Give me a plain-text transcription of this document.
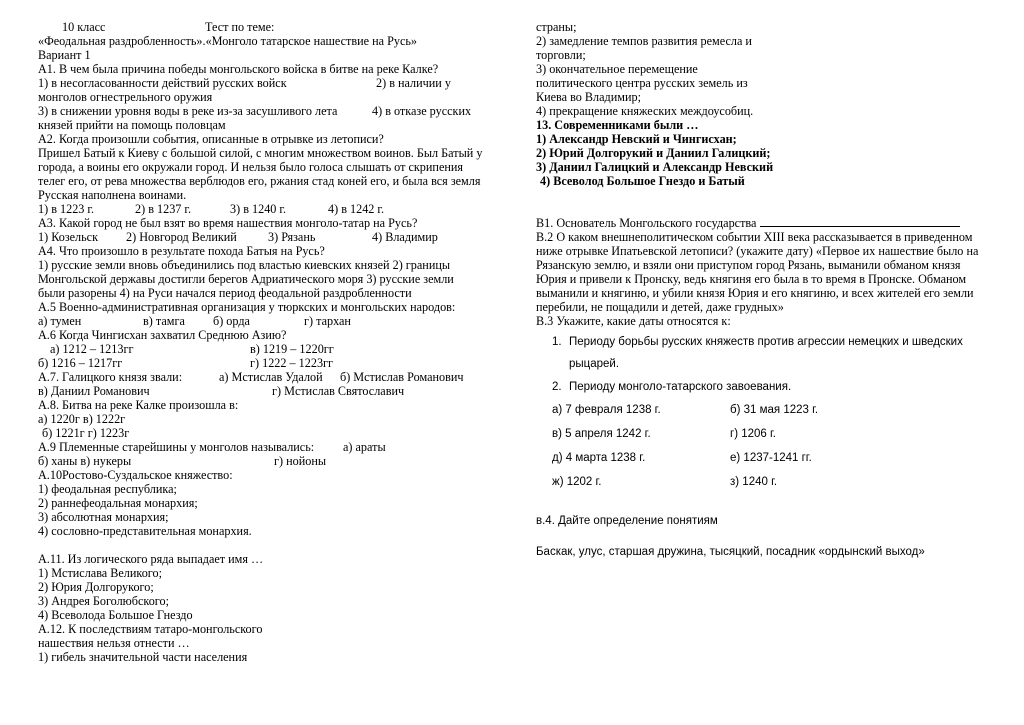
10 класс	Тест по теме:
«Феодальная раздробленность».«Монголо татарское нашествие на Русь»
Вариант 1
А1. В чем была причина победы монгольского войска в битве на реке Калке?
1) в несогласованности действий русских войск	2) в наличии у
монголов огнестрельного оружия
3) в снижении уровня воды в реке из-за засушливого лета	4) в отказе русских
князей прийти на помощь половцам
А2. Когда произошли события, описанные в отрывке из летописи?
Пришел Батый к Киеву с большой силой, с многим множеством воинов. Был Батый у
города, а воины его окружали город. И нельзя было голоса слышать от скрипения
телег его, от рева множества верблюдов его, ржания стад коней его, и была вся земля
Русская наполнена воинами.
1) в 1223 г.	2) в 1237 г.	3) в 1240 г.	4) в 1242 г.
А3. Какой город не был взят во время нашествия монголо-татар на Русь?
1) Козельск 2) Новгород Великий	3) Рязань	4) Владимир
А4. Что произошло в результате похода Батыя на Русь?
1) русские земли вновь объединились под властью киевских князей 2) границы
Монгольской державы достигли берегов Адриатического моря 3) русские земли
были разорены 4) на Руси начался период феодальной раздробленности
А.5 Военно-административная организация у тюркских и монгольских народов:
а) тумен	в) тамга б) орда	г) тархан
А.6 Когда Чингисхан захватил Среднюю Азию?
а) 1212 – 1213гг	в) 1219 – 1220гг
б) 1216 – 1217гг	г) 1222 – 1223гг
А.7. Галицкого князя звали:	а) Мстислав Удалой б) Мстислав Романович
в) Даниил Романович	г) Мстислав Святославич
А.8. Битва на реке Калке произошла в:
а) 1220г в) 1222г
б) 1221г г) 1223г
А.9 Племенные старейшины у монголов назывались: а) араты
б) ханы в) нукеры	г) нойоны
А.10Ростово-Суздальское княжество:
1) феодальная республика;
2) раннефеодальная монархия;
3) абсолютная монархия;
4) сословно-представительная монархия.
А.11. Из логического ряда выпадает имя …
1) Мстислава Великого;
2) Юрия Долгорукого;
3) Андрея Боголюбского;
4) Всеволода Большое Гнездо
А.12. К последствиям татаро-монгольского
нашествия нельзя отнести …
1) гибель значительной части населения
страны;
2) замедление темпов развития ремесла и
торговли;
3) окончательное перемещение
политического центра русских земель из
Киева во Владимир;
4) прекращение княжеских междоусобиц.
13. Современниками были …
1) Александр Невский и Чингисхан;
2) Юрий Долгорукий и Даниил Галицкий;
3) Даниил Галицкий и Александр Невский
4) Всеволод Большое Гнездо и Батый
В1. Основатель Монгольского государства
В.2 О каком внешнеполитическом событии XIII века рассказывается в приведенном
ниже отрывке Ипатьевской летописи? (укажите дату) «Первое их нашествие было на
Рязанскую землю, и взяли они приступом город Рязань, выманили обманом князя
Юрия и привели к Пронску, ведь княгиня его была в то время в Пронске. Обманом
выманили и княгиню, и убили князя Юрия и его княгиню, и всех жителей его земли
перебили, не пощадили и детей, даже грудных»
В.3 Укажите, какие даты относятся к:
1. Периоду борьбы русских княжеств против агрессии немецких и шведских
рыцарей.
2. Периоду монголо-татарского завоевания.
а) 7 февраля 1238 г.	б) 31 мая 1223 г.
в) 5 апреля 1242 г.	г) 1206 г.
д) 4 марта 1238 г.	е) 1237-1241 гг.
ж) 1202 г.	з) 1240 г.
в.4. Дайте определение понятиям
Баскак, улус, старшая дружина, тысяцкий, посадник «ордынский выход»
